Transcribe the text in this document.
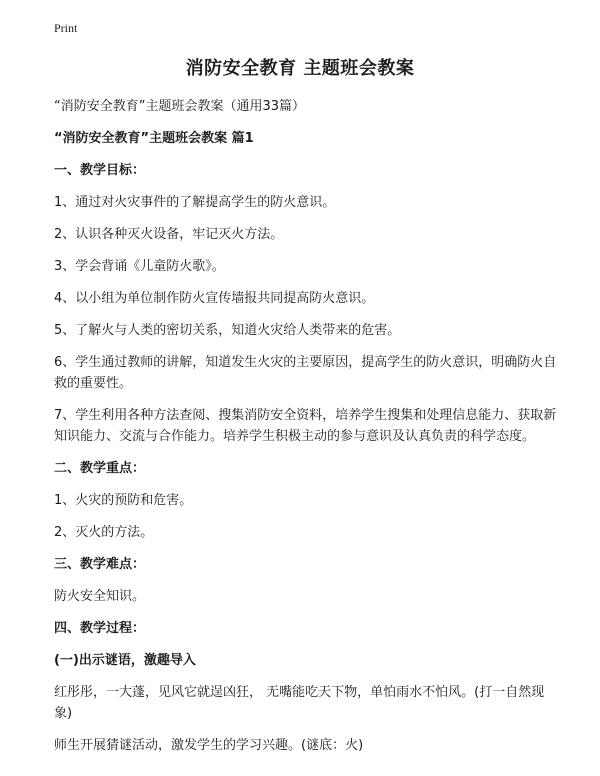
Print
消防安全教育 主题班会教案

“消防安全教育”主题班会教案（通用33篇）

“消防安全教育”主题班会教案 篇1

一、教学目标：

1、通过对火灾事件的了解提高学生的防火意识。

2、认识各种灭火设备，牢记灭火方法。

3、学会背诵《儿童防火歌》。

4、以小组为单位制作防火宣传墙报共同提高防火意识。

5、了解火与人类的密切关系，知道火灾给人类带来的危害。

6、学生通过教师的讲解，知道发生火灾的主要原因，提高学生的防火意识，明确防火自救的重要性。

7、学生利用各种方法查阅、搜集消防安全资料，培养学生搜集和处理信息能力、获取新知识能力、交流与合作能力。培养学生积极主动的参与意识及认真负责的科学态度。

二、教学重点：

1、火灾的预防和危害。

2、灭火的方法。

三、教学难点：

防火安全知识。

四、教学过程：

(一)出示谜语，激趣导入

红彤彤，一大蓬，见风它就逞凶狂， 无嘴能吃天下物，单怕雨水不怕风。(打一自然现象)

师生开展猜谜活动，激发学生的学习兴趣。(谜底：火)
